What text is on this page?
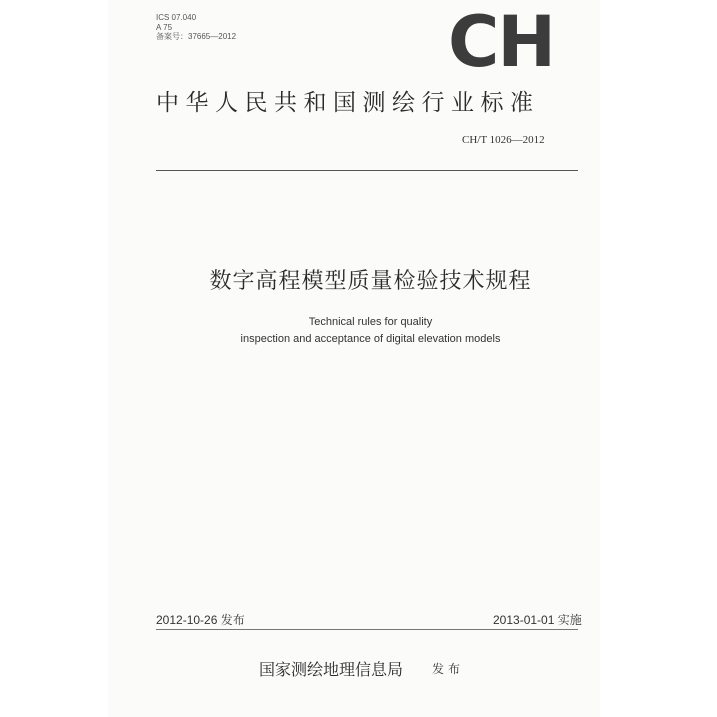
ICS 07.040
A 75
备案号：37665—2012	CH
中华人民共和国测绘行业标准
CH/T 1026—2012
数字高程模型质量检验技术规程
Technical rules for quality
inspection and acceptance of digital elevation models
2012-10-26 发布	2013-01-01 实施
国家测绘地理信息局 发布
